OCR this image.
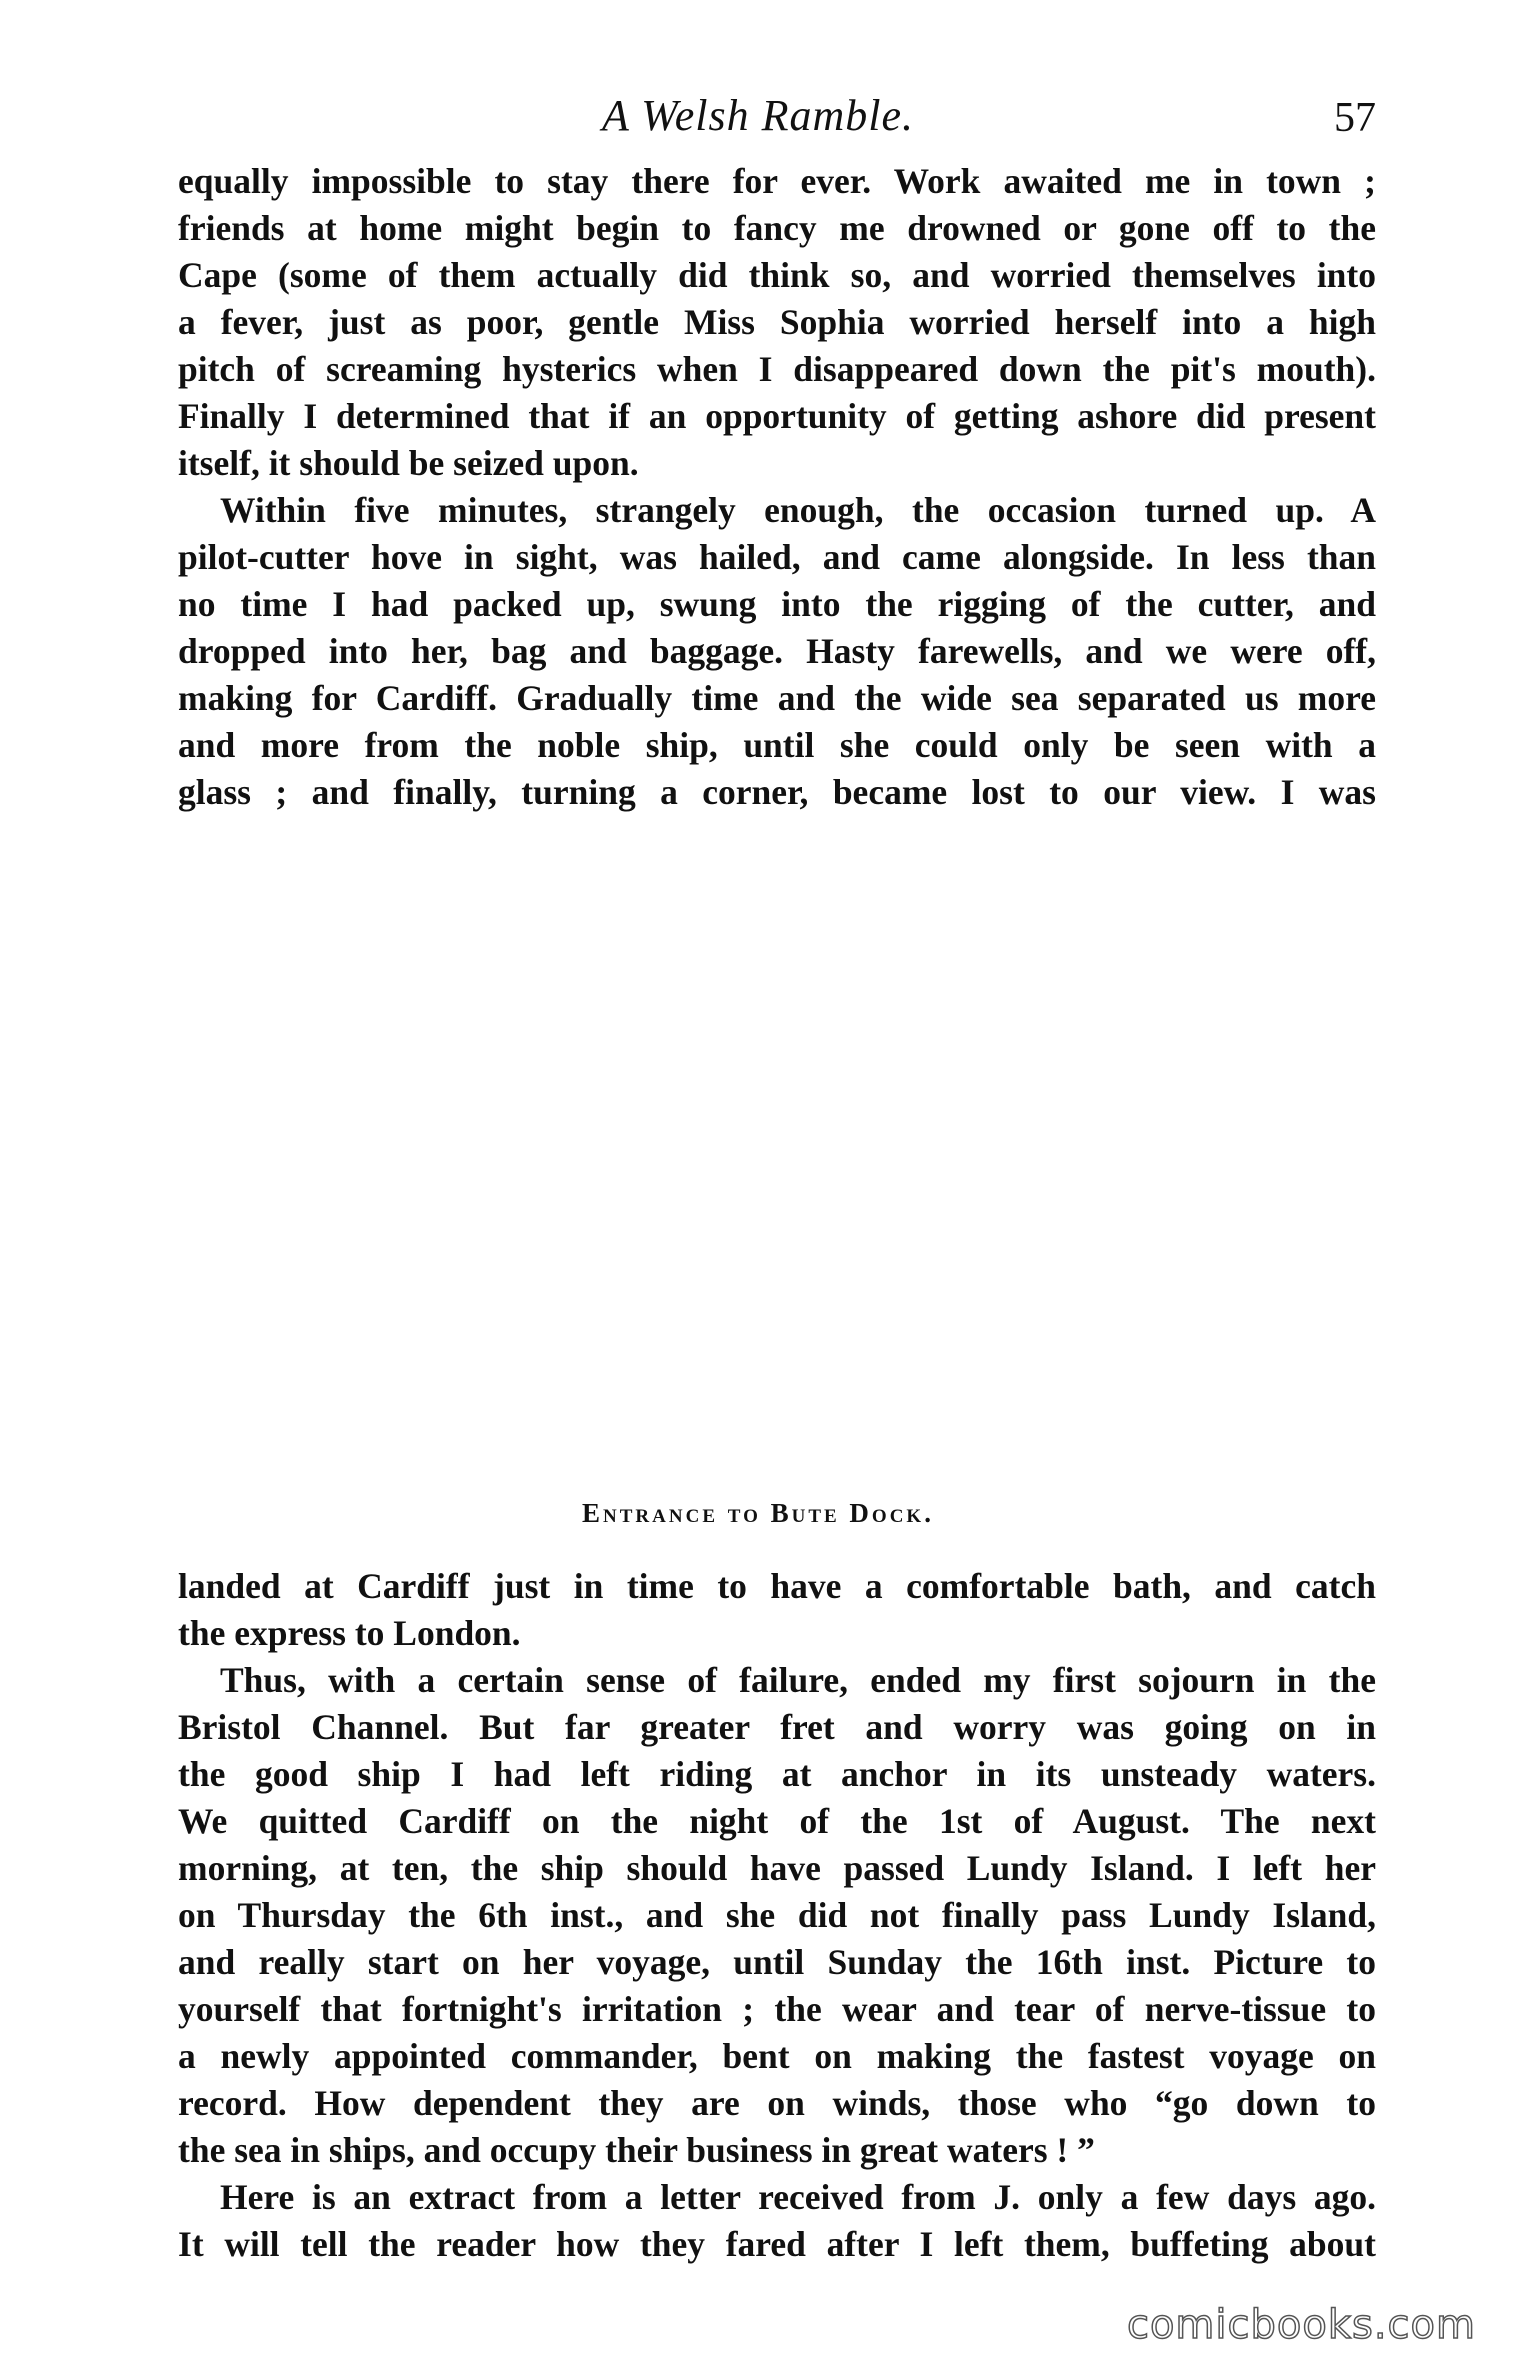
A Welsh Ramble.	57
equally impossible to stay there for ever. Work awaited me in town ;
friends at home might begin to fancy me drowned or gone off to the
Cape (some of them actually did think so, and worried themselves into
a fever, just as poor, gentle Miss Sophia worried herself into a high
pitch of screaming hysterics when I disappeared down the pit's mouth).
Finally I determined that if an opportunity of getting ashore did present
itself, it should be seized upon.
Within five minutes, strangely enough, the occasion turned up. A
pilot-cutter hove in sight, was hailed, and came alongside. In less than
no time I had packed up, swung into the rigging of the cutter, and
dropped into her, bag and baggage. Hasty farewells, and we were off,
making for Cardiff. Gradually time and the wide sea separated us more
and more from the noble ship, until she could only be seen with a
glass ; and finally, turning a corner, became lost to our view. I was
Entrance to Bute Dock.
landed at Cardiff just in time to have a comfortable bath, and catch
the express to London.
Thus, with a certain sense of failure, ended my first sojourn in the
Bristol Channel. But far greater fret and worry was going on in
the good ship I had left riding at anchor in its unsteady waters.
We quitted Cardiff on the night of the 1st of August. The next
morning, at ten, the ship should have passed Lundy Island. I left her
on Thursday the 6th inst., and she did not finally pass Lundy Island,
and really start on her voyage, until Sunday the 16th inst. Picture to
yourself that fortnight's irritation ; the wear and tear of nerve-tissue to
a newly appointed commander, bent on making the fastest voyage on
record. How dependent they are on winds, those who “go down to
the sea in ships, and occupy their business in great waters ! ”
Here is an extract from a letter received from J. only a few days ago.
It will tell the reader how they fared after I left them, buffeting about
comicbooks.com
